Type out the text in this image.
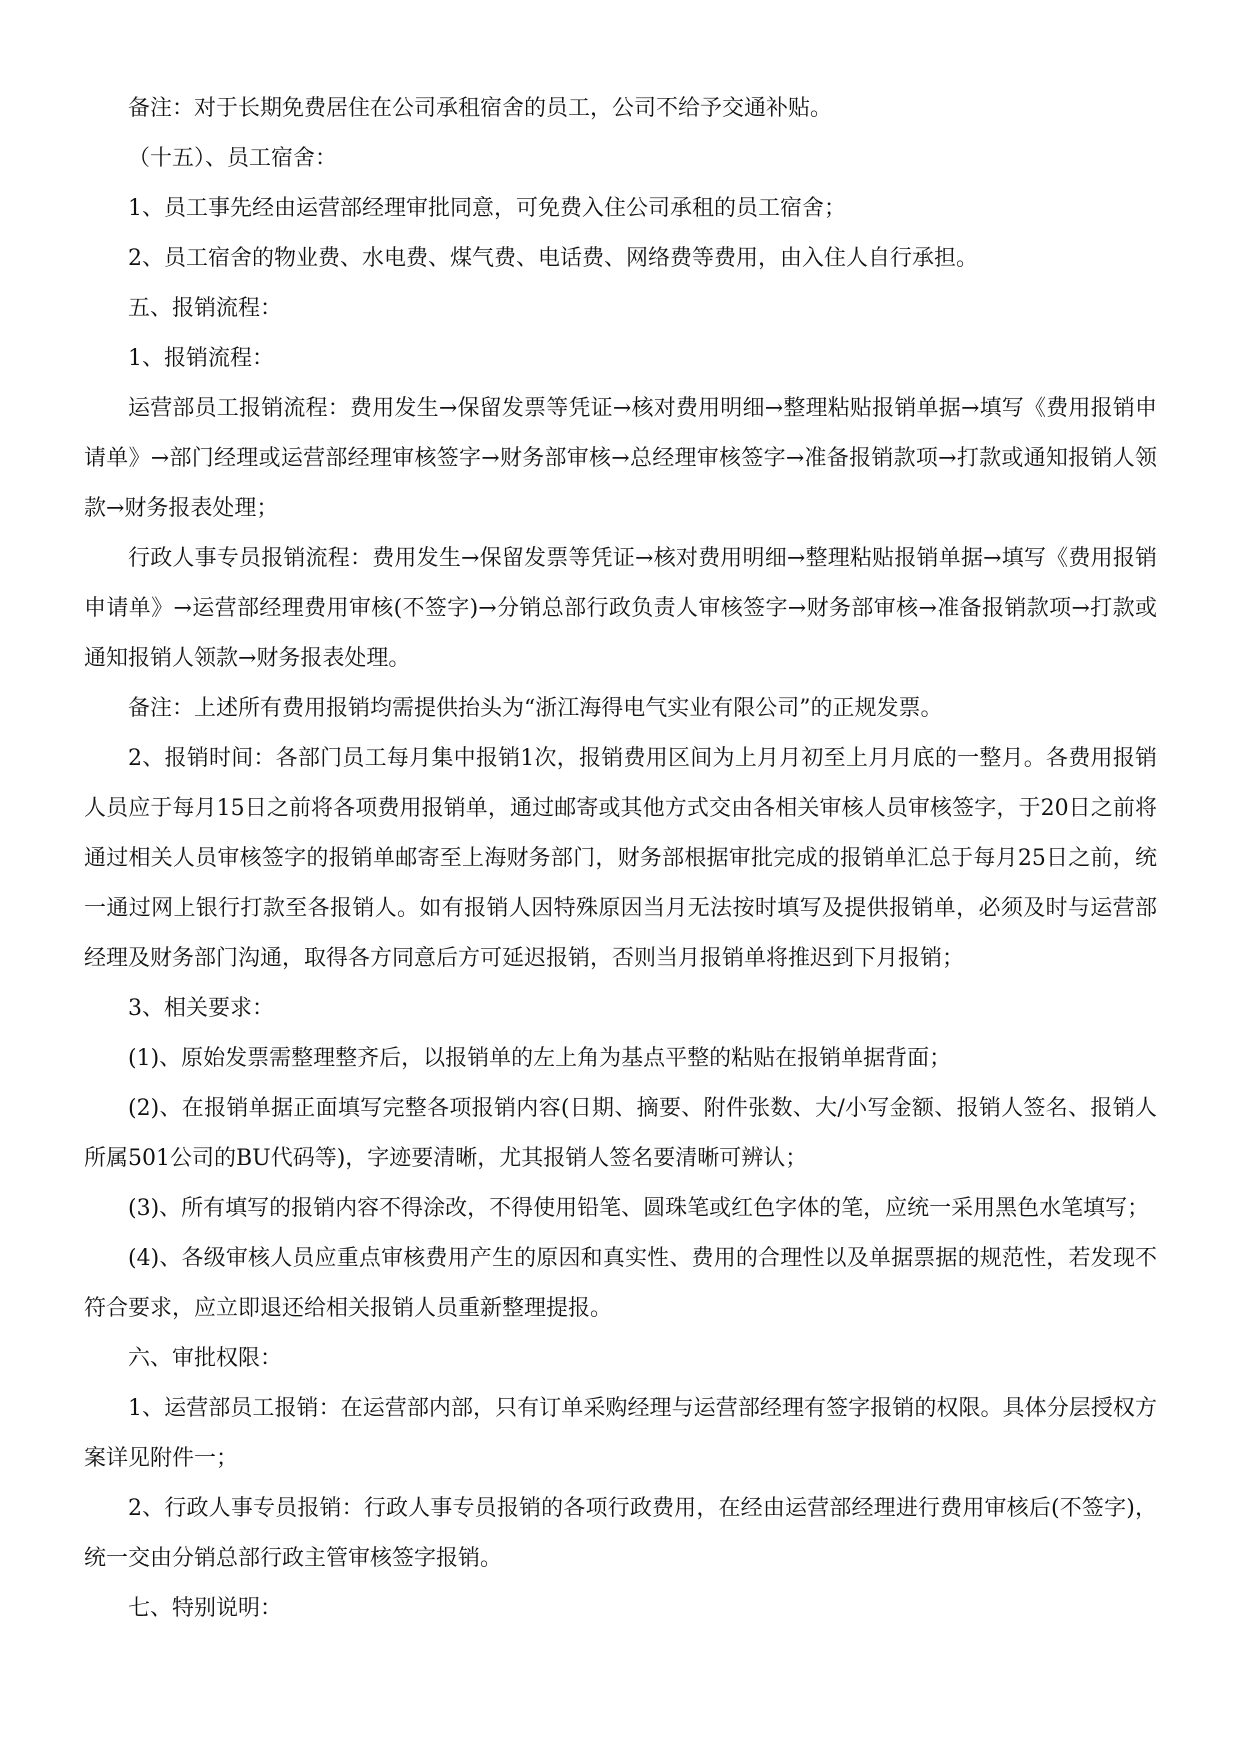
备注：对于长期免费居住在公司承租宿舍的员工，公司不给予交通补贴。

（十五）、员工宿舍：

1、员工事先经由运营部经理审批同意，可免费入住公司承租的员工宿舍；

2、员工宿舍的物业费、水电费、煤气费、电话费、网络费等费用，由入住人自行承担。

五、报销流程：

1、报销流程：

运营部员工报销流程：费用发生→保留发票等凭证→核对费用明细→整理粘贴报销单据→填写《费用报销申请单》→部门经理或运营部经理审核签字→财务部审核→总经理审核签字→准备报销款项→打款或通知报销人领款→财务报表处理；

行政人事专员报销流程：费用发生→保留发票等凭证→核对费用明细→整理粘贴报销单据→填写《费用报销申请单》→运营部经理费用审核(不签字)→分销总部行政负责人审核签字→财务部审核→准备报销款项→打款或通知报销人领款→财务报表处理。

备注：上述所有费用报销均需提供抬头为“浙江海得电气实业有限公司”的正规发票。

2、报销时间：各部门员工每月集中报销1次，报销费用区间为上月月初至上月月底的一整月。各费用报销人员应于每月15日之前将各项费用报销单，通过邮寄或其他方式交由各相关审核人员审核签字，于20日之前将通过相关人员审核签字的报销单邮寄至上海财务部门，财务部根据审批完成的报销单汇总于每月25日之前，统一通过网上银行打款至各报销人。如有报销人因特殊原因当月无法按时填写及提供报销单，必须及时与运营部经理及财务部门沟通，取得各方同意后方可延迟报销，否则当月报销单将推迟到下月报销；

3、相关要求：

(1)、原始发票需整理整齐后，以报销单的左上角为基点平整的粘贴在报销单据背面；

(2)、在报销单据正面填写完整各项报销内容(日期、摘要、附件张数、大/小写金额、报销人签名、报销人所属501公司的BU代码等)，字迹要清晰，尤其报销人签名要清晰可辨认；

(3)、所有填写的报销内容不得涂改，不得使用铅笔、圆珠笔或红色字体的笔，应统一采用黑色水笔填写；

(4)、各级审核人员应重点审核费用产生的原因和真实性、费用的合理性以及单据票据的规范性，若发现不符合要求，应立即退还给相关报销人员重新整理提报。

六、审批权限：

1、运营部员工报销：在运营部内部，只有订单采购经理与运营部经理有签字报销的权限。具体分层授权方案详见附件一；

2、行政人事专员报销：行政人事专员报销的各项行政费用，在经由运营部经理进行费用审核后(不签字)，统一交由分销总部行政主管审核签字报销。

七、特别说明：
